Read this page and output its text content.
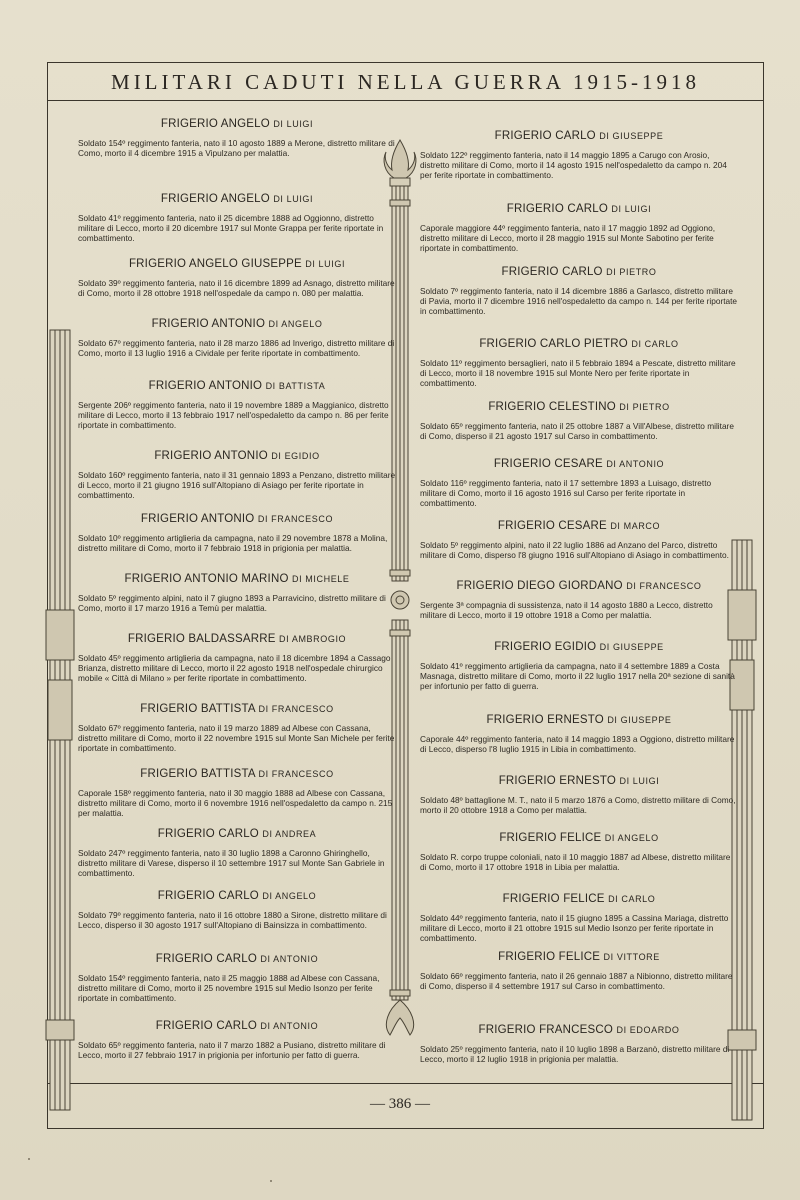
MILITARI CADUTI NELLA GUERRA 1915-1918
FRIGERIO ANGELO DI LUIGI
Soldato 154º reggimento fanteria, nato il 10 agosto 1889 a Merone, distretto militare di Como, morto il 4 dicembre 1915 a Vipulzano per malattia.
FRIGERIO ANGELO DI LUIGI
Soldato 41º reggimento fanteria, nato il 25 dicembre 1888 ad Oggionno, distretto militare di Lecco, morto il 20 dicembre 1917 sul Monte Grappa per ferite riportate in combattimento.
FRIGERIO ANGELO GIUSEPPE DI LUIGI
Soldato 39º reggimento fanteria, nato il 16 dicembre 1899 ad Asnago, distretto militare di Como, morto il 28 ottobre 1918 nell'ospedale da campo n. 080 per malattia.
FRIGERIO ANTONIO DI ANGELO
Soldato 67º reggimento fanteria, nato il 28 marzo 1886 ad Inverigo, distretto militare di Como, morto il 13 luglio 1916 a Cividale per ferite riportate in combattimento.
FRIGERIO ANTONIO DI BATTISTA
Sergente 206º reggimento fanteria, nato il 19 novembre 1889 a Maggianico, distretto militare di Lecco, morto il 13 febbraio 1917 nell'ospedaletto da campo n. 86 per ferite riportate in combattimento.
FRIGERIO ANTONIO DI EGIDIO
Soldato 160º reggimento fanteria, nato il 31 gennaio 1893 a Penzano, distretto militare di Lecco, morto il 21 giugno 1916 sull'Altopiano di Asiago per ferite riportate in combattimento.
FRIGERIO ANTONIO DI FRANCESCO
Soldato 10º reggimento artiglieria da campagna, nato il 29 novembre 1878 a Molina, distretto militare di Como, morto il 7 febbraio 1918 in prigionia per malattia.
FRIGERIO ANTONIO MARINO DI MICHELE
Soldato 5º reggimento alpini, nato il 7 giugno 1893 a Parravicino, distretto militare di Como, morto il 17 marzo 1916 a Temù per malattia.
FRIGERIO BALDASSARRE DI AMBROGIO
Soldato 45º reggimento artiglieria da campagna, nato il 18 dicembre 1894 a Cassago Brianza, distretto militare di Lecco, morto il 22 agosto 1918 nell'ospedale chirurgico mobile « Città di Milano » per ferite riportate in combattimento.
FRIGERIO BATTISTA DI FRANCESCO
Soldato 67º reggimento fanteria, nato il 19 marzo 1889 ad Albese con Cassana, distretto militare di Como, morto il 22 novembre 1915 sul Monte San Michele per ferite riportate in combattimento.
FRIGERIO BATTISTA DI FRANCESCO
Caporale 158º reggimento fanteria, nato il 30 maggio 1888 ad Albese con Cassana, distretto militare di Como, morto il 6 novembre 1916 nell'ospedaletto da campo n. 215 per malattia.
FRIGERIO CARLO DI ANDREA
Soldato 247º reggimento fanteria, nato il 30 luglio 1898 a Caronno Ghiringhello, distretto militare di Varese, disperso il 10 settembre 1917 sul Monte San Gabriele in combattimento.
FRIGERIO CARLO DI ANGELO
Soldato 79º reggimento fanteria, nato il 16 ottobre 1880 a Sirone, distretto militare di Lecco, disperso il 30 agosto 1917 sull'Altopiano di Bainsizza in combattimento.
FRIGERIO CARLO DI ANTONIO
Soldato 154º reggimento fanteria, nato il 25 maggio 1888 ad Albese con Cassana, distretto militare di Como, morto il 25 novembre 1915 sul Medio Isonzo per ferite riportate in combattimento.
FRIGERIO CARLO DI ANTONIO
Soldato 65º reggimento fanteria, nato il 7 marzo 1882 a Pusiano, distretto militare di Lecco, morto il 27 febbraio 1917 in prigionia per infortunio per fatto di guerra.
FRIGERIO CARLO DI GIUSEPPE
Soldato 122º reggimento fanteria, nato il 14 maggio 1895 a Carugo con Arosio, distretto militare di Como, morto il 14 agosto 1915 nell'ospedaletto da campo n. 204 per ferite riportate in combattimento.
FRIGERIO CARLO DI LUIGI
Caporale maggiore 44º reggimento fanteria, nato il 17 maggio 1892 ad Oggiono, distretto militare di Lecco, morto il 28 maggio 1915 sul Monte Sabotino per ferite riportate in combattimento.
FRIGERIO CARLO DI PIETRO
Soldato 7º reggimento fanteria, nato il 14 dicembre 1886 a Garlasco, distretto militare di Pavia, morto il 7 dicembre 1916 nell'ospedaletto da campo n. 144 per ferite riportate in combattimento.
FRIGERIO CARLO PIETRO DI CARLO
Soldato 11º reggimento bersaglieri, nato il 5 febbraio 1894 a Pescate, distretto militare di Lecco, morto il 18 novembre 1915 sul Monte Nero per ferite riportate in combattimento.
FRIGERIO CELESTINO DI PIETRO
Soldato 65º reggimento fanteria, nato il 25 ottobre 1887 a Vill'Albese, distretto militare di Como, disperso il 21 agosto 1917 sul Carso in combattimento.
FRIGERIO CESARE DI ANTONIO
Soldato 116º reggimento fanteria, nato il 17 settembre 1893 a Luisago, distretto militare di Como, morto il 16 agosto 1916 sul Carso per ferite riportate in combattimento.
FRIGERIO CESARE DI MARCO
Soldato 5º reggimento alpini, nato il 22 luglio 1886 ad Anzano del Parco, distretto militare di Como, disperso l'8 giugno 1916 sull'Altopiano di Asiago in combattimento.
FRIGERIO DIEGO GIORDANO DI FRANCESCO
Sergente 3ª compagnia di sussistenza, nato il 14 agosto 1880 a Lecco, distretto militare di Lecco, morto il 19 ottobre 1918 a Como per malattia.
FRIGERIO EGIDIO DI GIUSEPPE
Soldato 41º reggimento artiglieria da campagna, nato il 4 settembre 1889 a Costa Masnaga, distretto militare di Como, morto il 22 luglio 1917 nella 20ª sezione di sanità per infortunio per fatto di guerra.
FRIGERIO ERNESTO DI GIUSEPPE
Caporale 44º reggimento fanteria, nato il 14 maggio 1893 a Oggiono, distretto militare di Lecco, disperso l'8 luglio 1915 in Libia in combattimento.
FRIGERIO ERNESTO DI LUIGI
Soldato 48º battaglione M. T., nato il 5 marzo 1876 a Como, distretto militare di Como, morto il 20 ottobre 1918 a Como per malattia.
FRIGERIO FELICE DI ANGELO
Soldato R. corpo truppe coloniali, nato il 10 maggio 1887 ad Albese, distretto militare di Como, morto il 17 ottobre 1918 in Libia per malattia.
FRIGERIO FELICE DI CARLO
Soldato 44º reggimento fanteria, nato il 15 giugno 1895 a Cassina Mariaga, distretto militare di Lecco, morto il 21 ottobre 1915 sul Medio Isonzo per ferite riportate in combattimento.
FRIGERIO FELICE DI VITTORE
Soldato 66º reggimento fanteria, nato il 26 gennaio 1887 a Nibionno, distretto militare di Como, disperso il 4 settembre 1917 sul Carso in combattimento.
FRIGERIO FRANCESCO DI EDOARDO
Soldato 25º reggimento fanteria, nato il 10 luglio 1898 a Barzanò, distretto militare di Lecco, morto il 12 luglio 1918 in prigionia per malattia.
— 386 —
